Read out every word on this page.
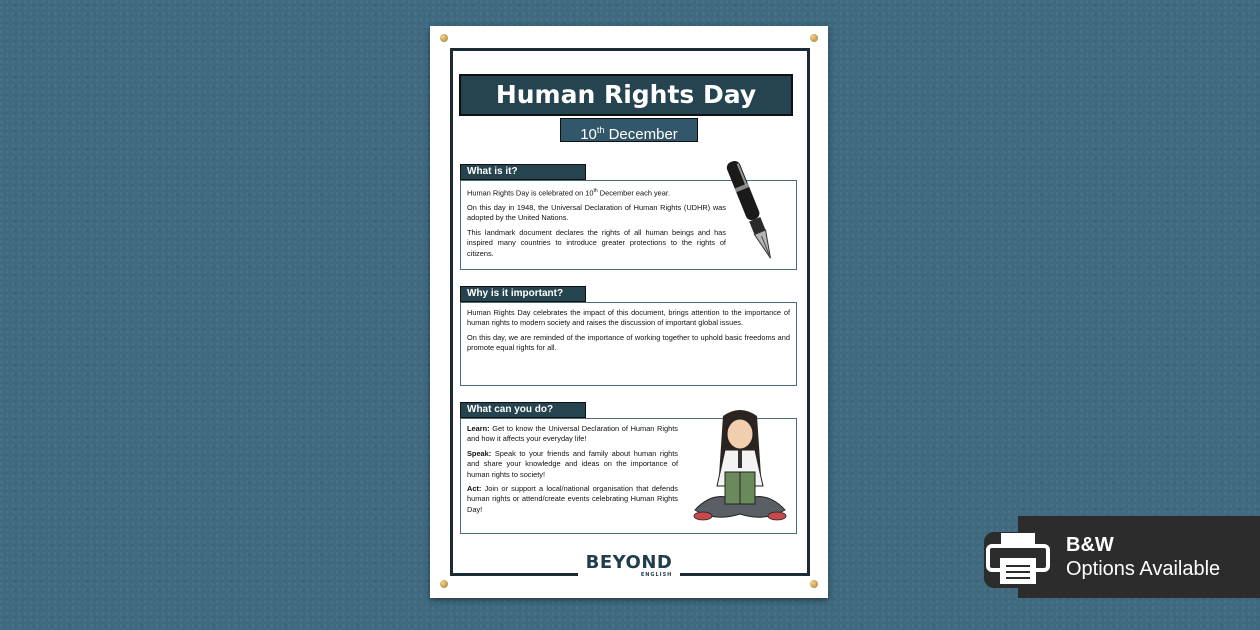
Human Rights Day
10th December
What is it?

Human Rights Day is celebrated on 10th December each year.

On this day in 1948, the Universal Declaration of Human Rights (UDHR) was adopted by the United Nations.

This landmark document declares the rights of all human beings and has inspired many countries to introduce greater protections to the rights of citizens.

Why is it important?

Human Rights Day celebrates the impact of this document, brings attention to the importance of human rights to modern society and raises the discussion of important global issues.

On this day, we are reminded of the importance of working together to uphold basic freedoms and promote equal rights for all.

What can you do?

Learn: Get to know the Universal Declaration of Human Rights and how it affects your everyday life!

Speak: Speak to your friends and family about human rights and share your knowledge and ideas on the importance of human rights to society!

Act: Join or support a local/national organisation that defends human rights or attend/create events celebrating Human Rights Day!

BEYOND
ENGLISH
B&W
Options Available
